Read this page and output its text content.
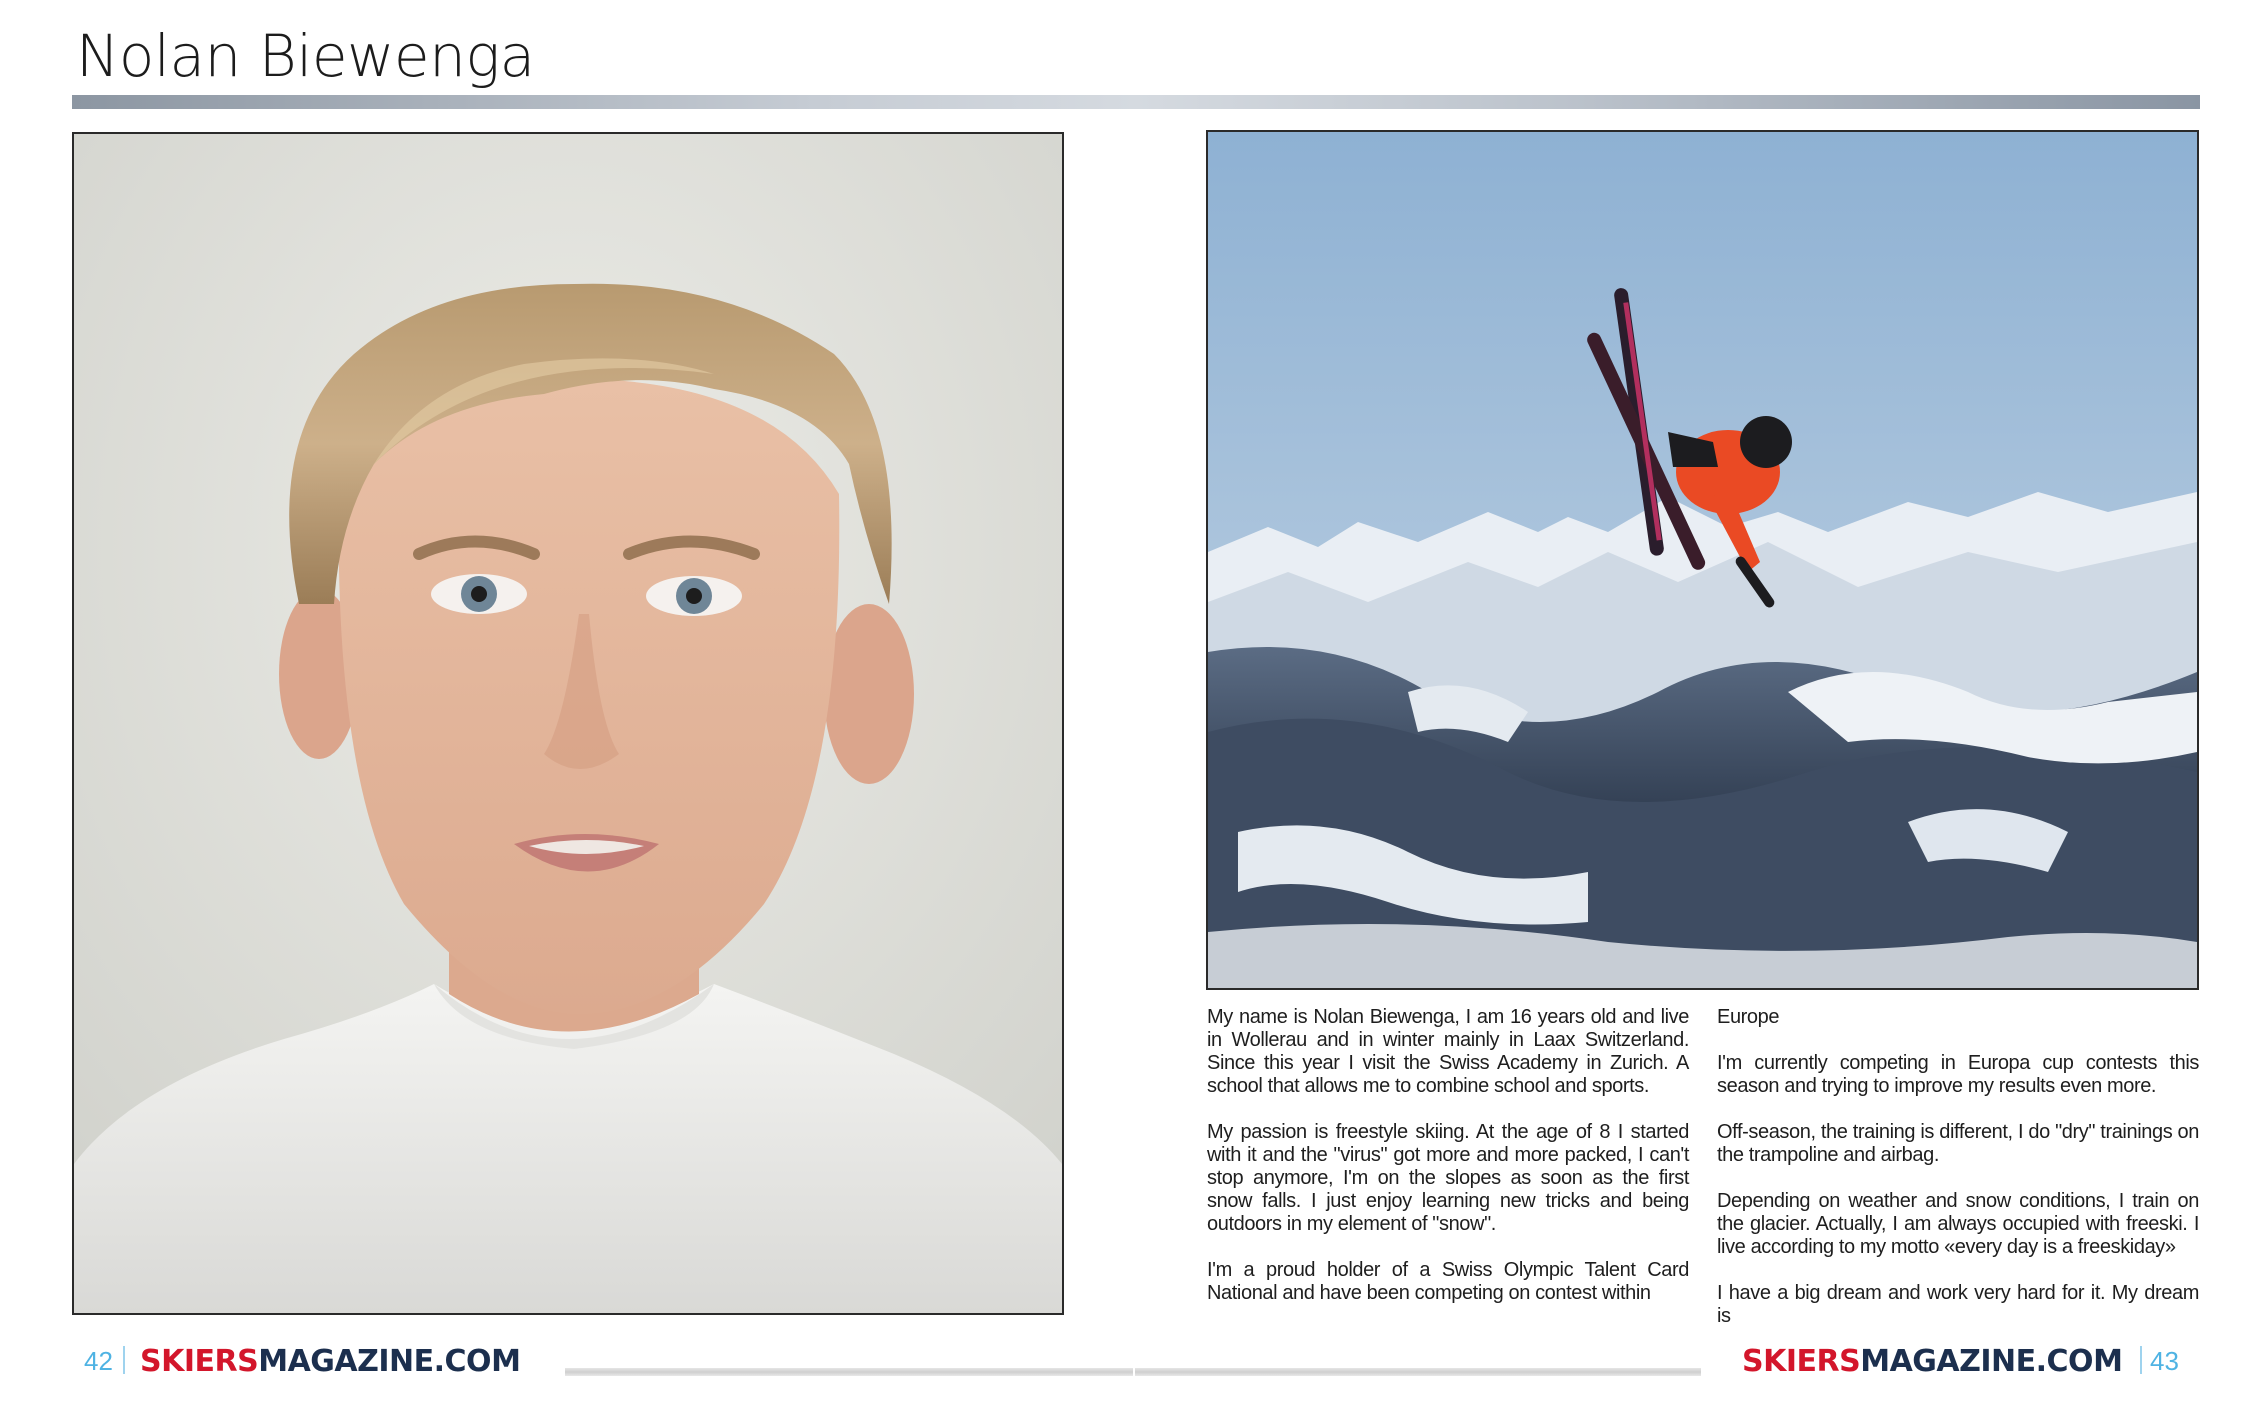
Nolan Biewenga

My name is Nolan Biewenga, I am 16 years old and live in Wollerau and in winter mainly in Laax Switzerland. Since this year I visit the Swiss Academy in Zurich. A school that allows me to combine school and sports.

My passion is freestyle skiing. At the age of 8 I started with it and the "virus" got more and more packed, I can't stop anymore, I'm on the slopes as soon as the first snow falls. I just enjoy learning new tricks and being outdoors in my element of "snow".

I'm a proud holder of a Swiss Olympic Talent Card National and have been competing on contest within

Europe

I'm currently competing in Europa cup contests this season and trying to improve my results even more.

Off-season, the training is different, I do "dry" trainings on the trampoline and airbag.

Depending on weather and snow conditions, I train on the glacier. Actually, I am always occupied with freeski. I live according to my motto «every day is a freeskiday»

I have a big dream and work very hard for it. My dream is

42 SKIERSMAGAZINE.COM	SKIERSMAGAZINE.COM 43
